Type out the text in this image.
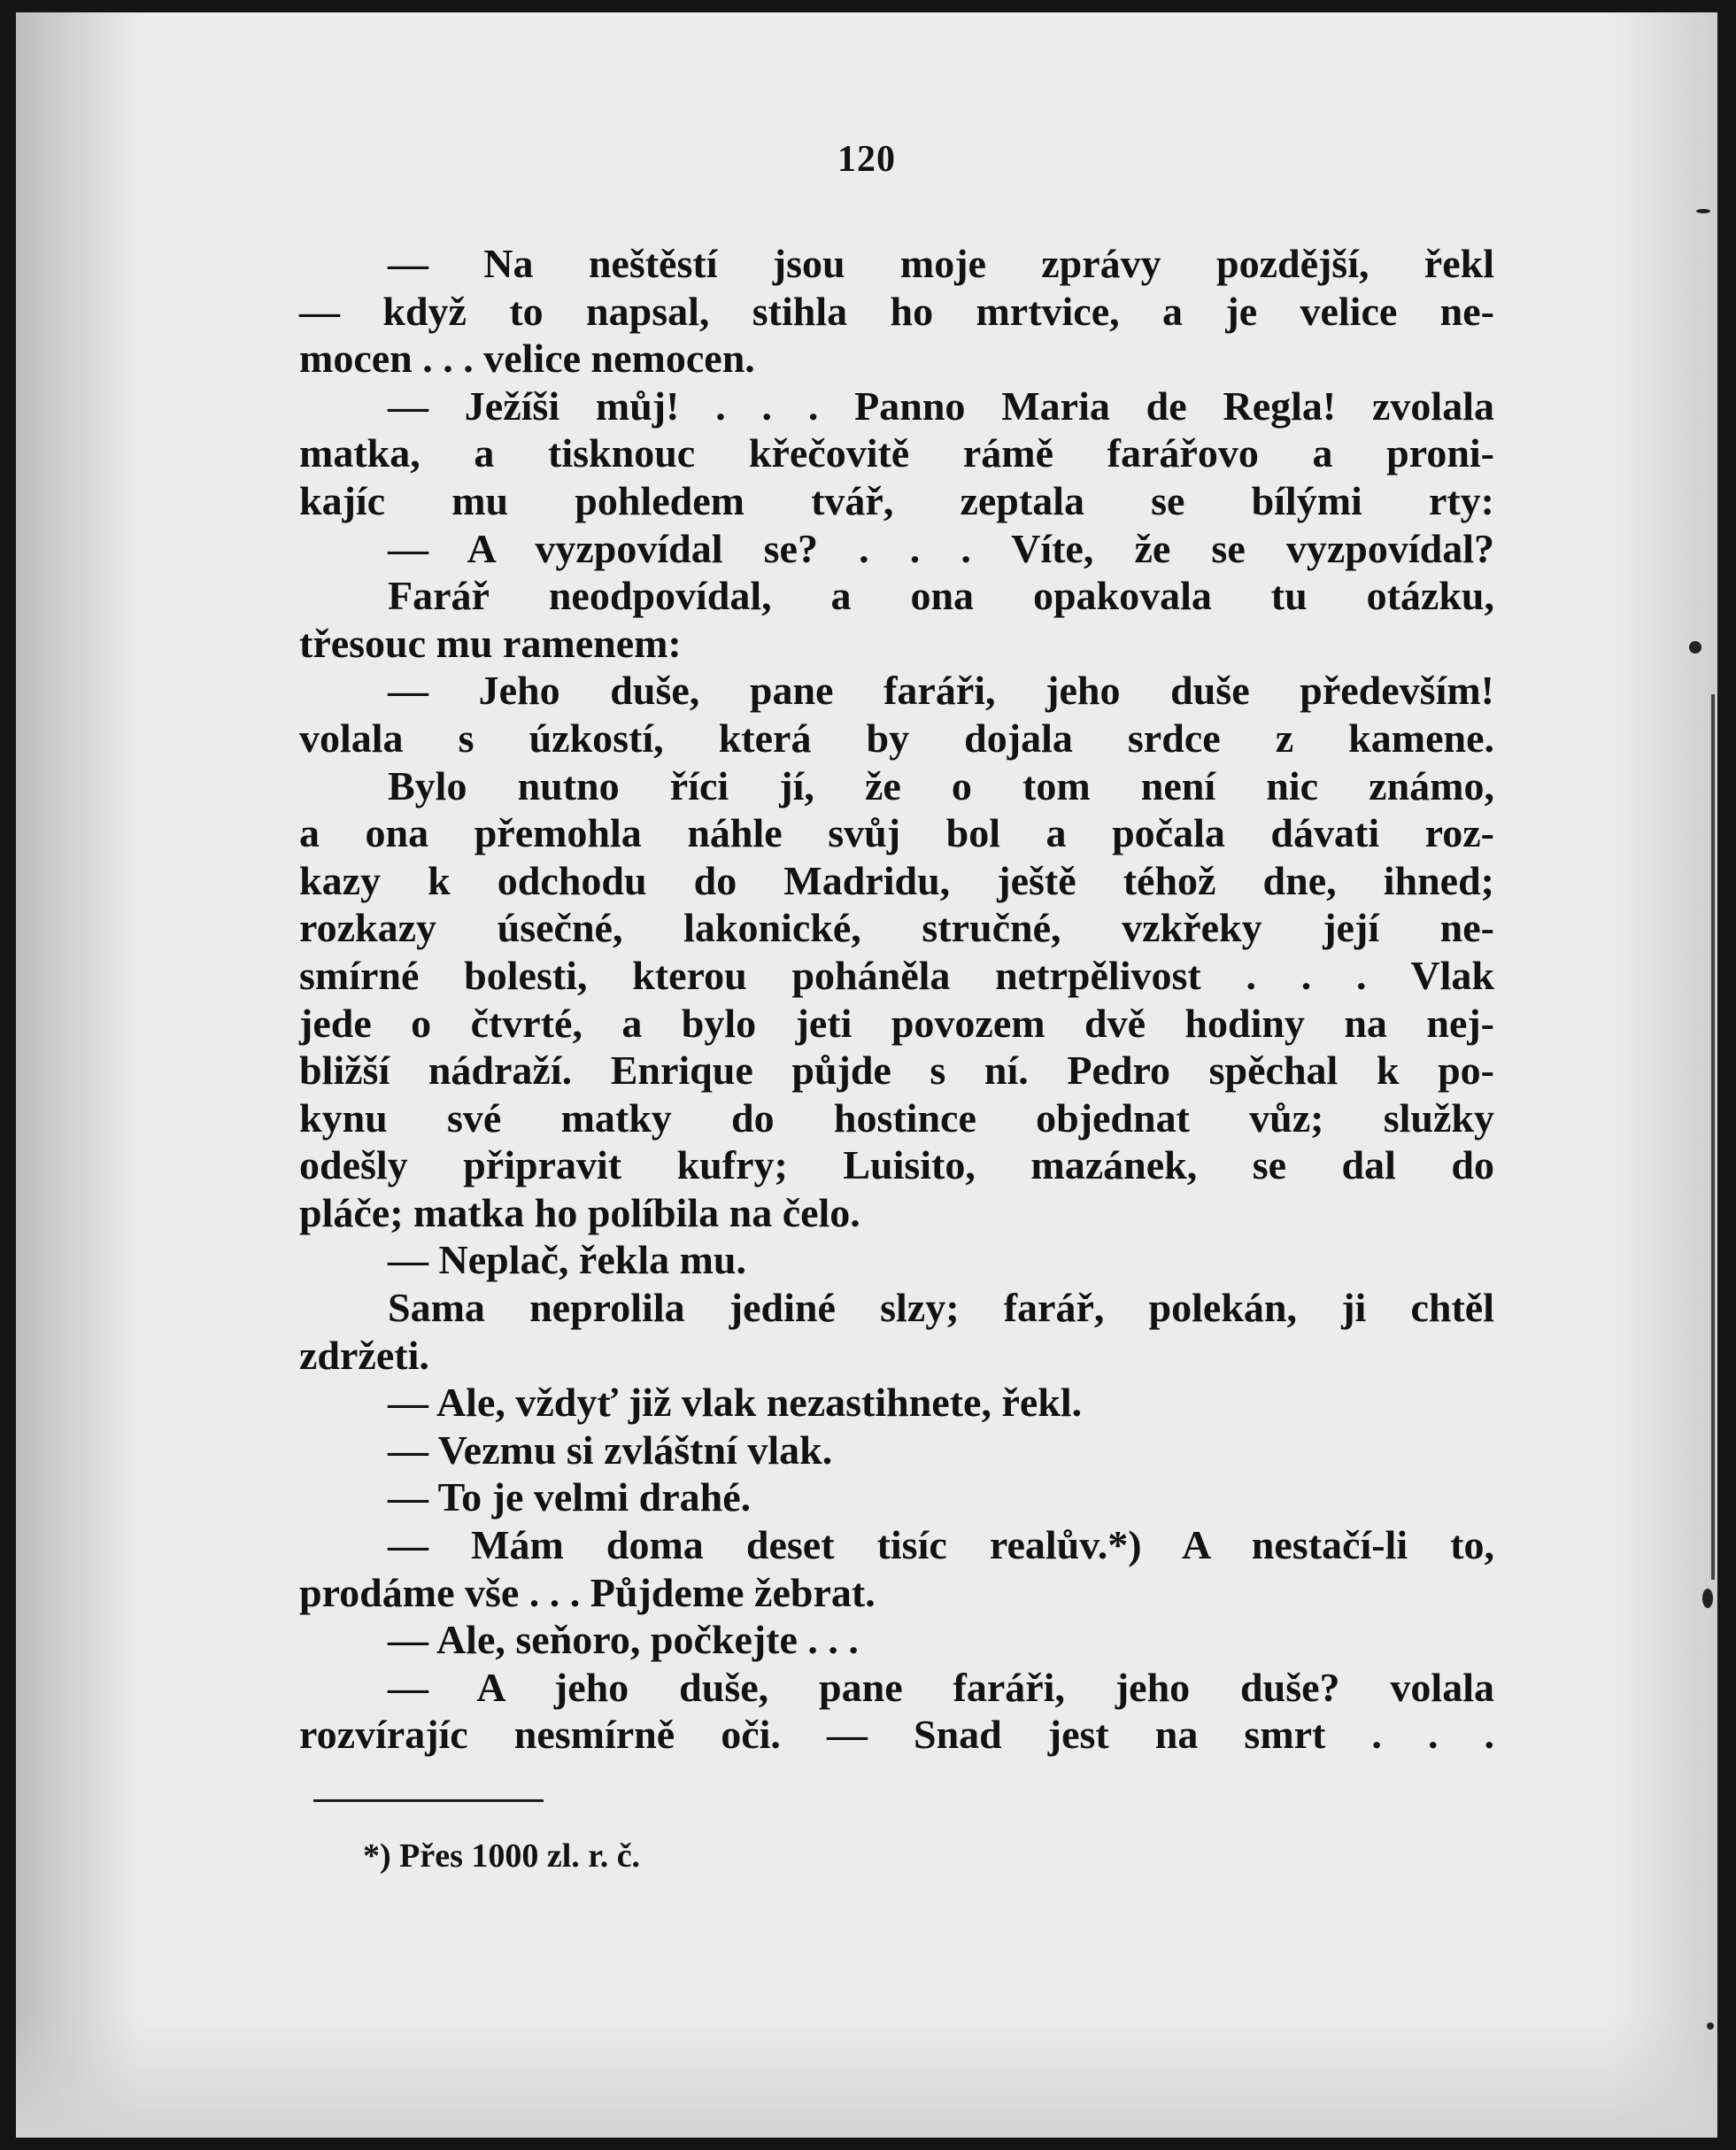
120
— Na neštěstí jsou moje zprávy pozdější, řekl
— když to napsal, stihla ho mrtvice, a je velice ne-
mocen . . . velice nemocen.
— Ježíši můj! . . . Panno Maria de Regla! zvolala
matka, a tisknouc křečovitě rámě farářovo a proni-
kajíc mu pohledem tvář, zeptala se bílými rty:
— A vyzpovídal se? . . . Víte, že se vyzpovídal?
Farář neodpovídal, a ona opakovala tu otázku,
třesouc mu ramenem:
— Jeho duše, pane faráři, jeho duše především!
volala s úzkostí, která by dojala srdce z kamene.
Bylo nutno říci jí, že o tom není nic známo,
a ona přemohla náhle svůj bol a počala dávati roz-
kazy k odchodu do Madridu, ještě téhož dne, ihned;
rozkazy úsečné, lakonické, stručné, vzkřeky její ne-
smírné bolesti, kterou poháněla netrpělivost . . . Vlak
jede o čtvrté, a bylo jeti povozem dvě hodiny na nej-
bližší nádraží. Enrique půjde s ní. Pedro spěchal k po-
kynu své matky do hostince objednat vůz; služky
odešly připravit kufry; Luisito, mazánek, se dal do
pláče; matka ho políbila na čelo.
— Neplač, řekla mu.
Sama neprolila jediné slzy; farář, polekán, ji chtěl
zdržeti.
— Ale, vždyť již vlak nezastihnete, řekl.
— Vezmu si zvláštní vlak.
— To je velmi drahé.
— Mám doma deset tisíc realův.*) A nestačí-li to,
prodáme vše . . . Půjdeme žebrat.
— Ale, seňoro, počkejte . . .
— A jeho duše, pane faráři, jeho duše? volala
rozvírajíc nesmírně oči. — Snad jest na smrt . . .
*) Přes 1000 zl. r. č.
